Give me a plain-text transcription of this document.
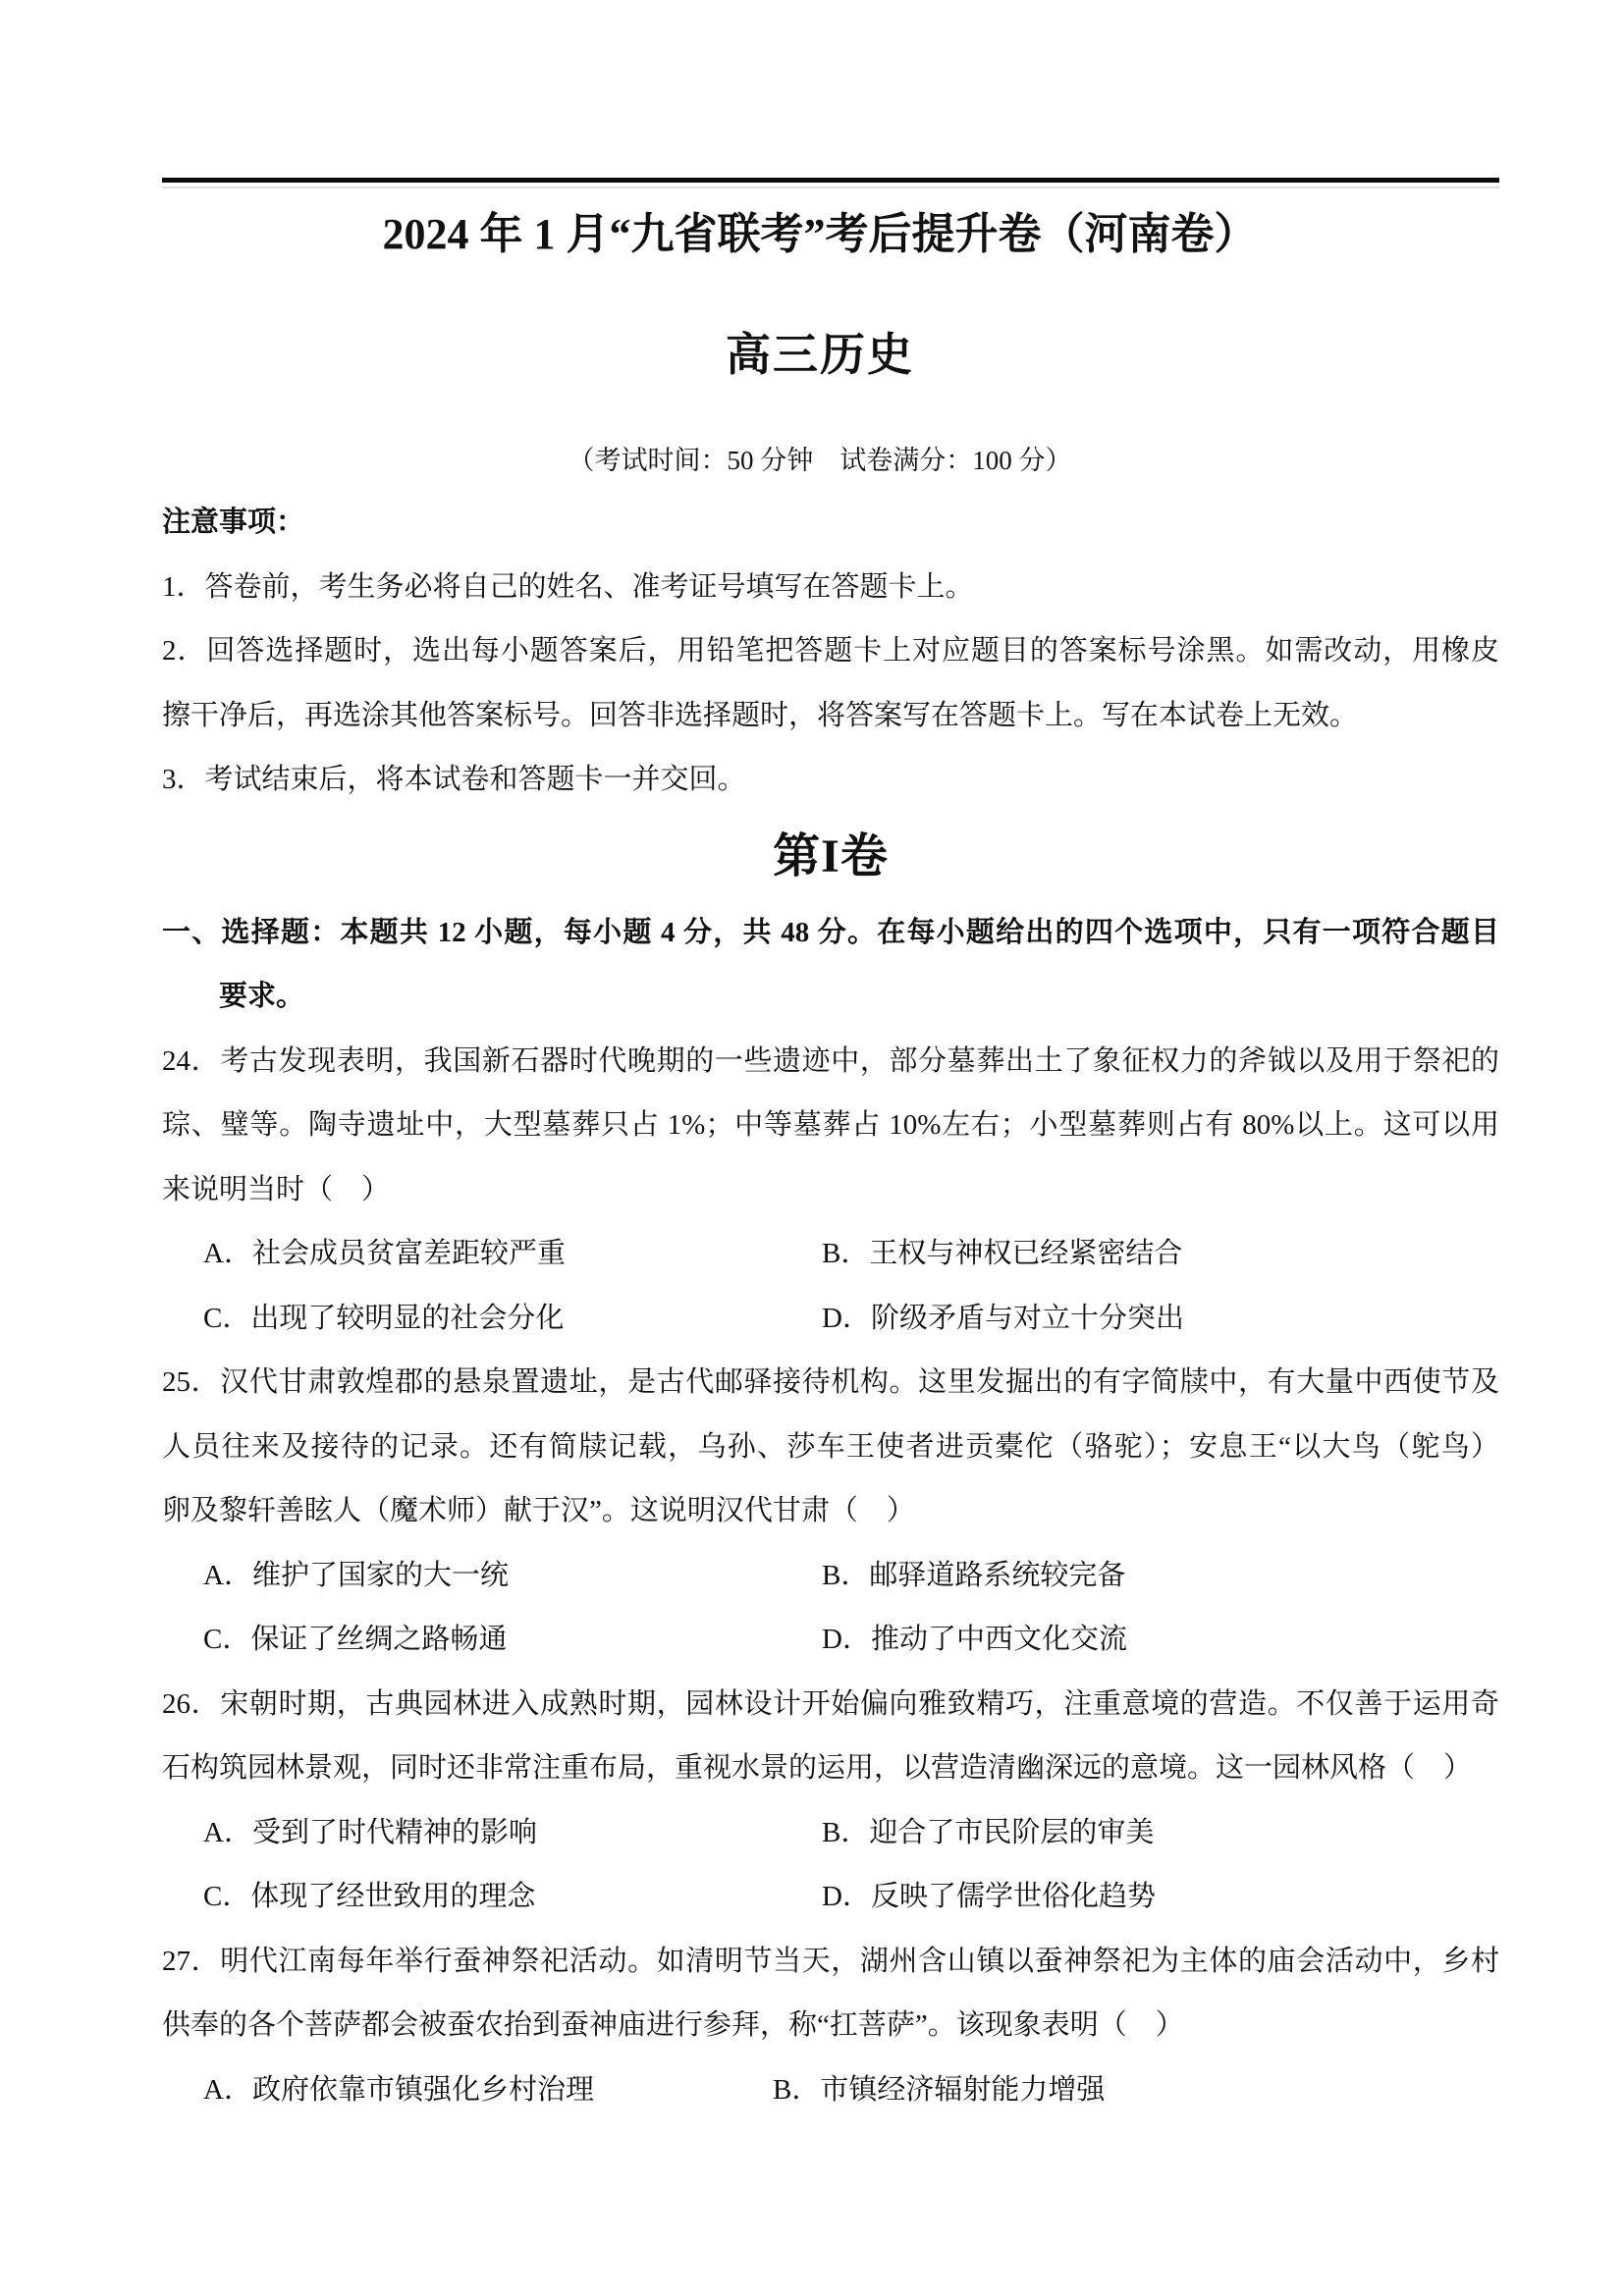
2024 年 1 月“九省联考”考后提升卷（河南卷）
高三历史
（考试时间：50 分钟　试卷满分：100 分）
注意事项：
1．答卷前，考生务必将自己的姓名、准考证号填写在答题卡上。
2．回答选择题时，选出每小题答案后，用铅笔把答题卡上对应题目的答案标号涂黑。如需改动，用橡皮
擦干净后，再选涂其他答案标号。回答非选择题时，将答案写在答题卡上。写在本试卷上无效。
3．考试结束后，将本试卷和答题卡一并交回。
第I卷
一、选择题：本题共 12 小题，每小题 4 分，共 48 分。在每小题给出的四个选项中，只有一项符合题目
要求。
24．考古发现表明，我国新石器时代晚期的一些遗迹中，部分墓葬出土了象征权力的斧钺以及用于祭祀的
琮、璧等。陶寺遗址中，大型墓葬只占 1%；中等墓葬占 10%左右；小型墓葬则占有 80%以上。这可以用
来说明当时（　）
A．社会成员贫富差距较严重	B．王权与神权已经紧密结合
C．出现了较明显的社会分化	D．阶级矛盾与对立十分突出
25．汉代甘肃敦煌郡的悬泉置遗址，是古代邮驿接待机构。这里发掘出的有字简牍中，有大量中西使节及
人员往来及接待的记录。还有简牍记载，乌孙、莎车王使者进贡橐佗（骆驼）；安息王“以大鸟（鸵鸟）
卵及黎轩善眩人（魔术师）献于汉”。这说明汉代甘肃（　）
A．维护了国家的大一统	B．邮驿道路系统较完备
C．保证了丝绸之路畅通	D．推动了中西文化交流
26．宋朝时期，古典园林进入成熟时期，园林设计开始偏向雅致精巧，注重意境的营造。不仅善于运用奇
石构筑园林景观，同时还非常注重布局，重视水景的运用，以营造清幽深远的意境。这一园林风格（　）
A．受到了时代精神的影响	B．迎合了市民阶层的审美
C．体现了经世致用的理念	D．反映了儒学世俗化趋势
27．明代江南每年举行蚕神祭祀活动。如清明节当天，湖州含山镇以蚕神祭祀为主体的庙会活动中，乡村
供奉的各个菩萨都会被蚕农抬到蚕神庙进行参拜，称“扛菩萨”。该现象表明（　）
A．政府依靠市镇强化乡村治理	B．市镇经济辐射能力增强
